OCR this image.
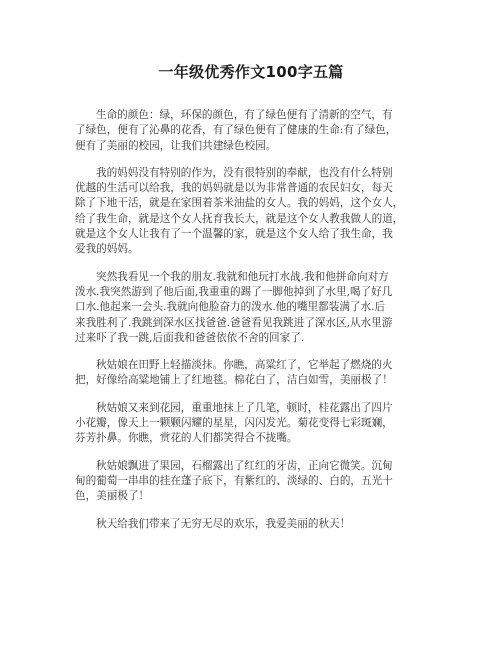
一年级优秀作文100字五篇
生命的颜色：绿，环保的颜色，有了绿色便有了清新的空气，有
了绿色，便有了沁鼻的花香，有了绿色便有了健康的生命:有了绿色，
便有了美丽的校园，让我们共建绿色校园。
我的妈妈没有特别的作为，没有很特别的奉献，也没有什么特别
优越的生活可以给我，我的妈妈就是以为非常普通的农民妇女，每天
除了下地干活，就是在家围着茶米油盐的女人。我的妈妈，这个女人，
给了我生命，就是这个女人抚育我长大，就是这个女人教我做人的道，
就是这个女人让我有了一个温馨的家，就是这个女人给了我生命，我
爱我的妈妈。
突然我看见一个我的朋友.我就和他玩打水战.我和他拼命向对方
泼水.我突然游到了他后面,我重重的踢了一脚他掉到了水里,喝了好几
口水.他起来一会头.我就向他脸奋力的泼水.他的嘴里都装满了水.后
来我胜利了.我跳到深水区找爸爸.爸爸看见我跳进了深水区,从水里游
过来吓了我一跳,后面我和爸爸依依不舍的回家了.
秋姑娘在田野上轻描淡抹。你瞧，高粱红了，它举起了燃烧的火
把，好像给高粱地铺上了红地毯。棉花白了，洁白如雪，美丽极了！
秋姑娘又来到花园，重重地抹上了几笔，顿时，桂花露出了四片
小花瓣，像天上一颗颗闪耀的星星，闪闪发光。菊花变得七彩斑斓，
芬芳扑鼻。你瞧，赏花的人们都笑得合不拢嘴。
秋姑娘飘进了果园，石榴露出了红红的牙齿，正向它微笑。沉甸
甸的葡萄一串串的挂在蓬子底下，有紫红的、淡绿的、白的，五光十
色，美丽极了！
秋天给我们带来了无穷无尽的欢乐，我爱美丽的秋天！
